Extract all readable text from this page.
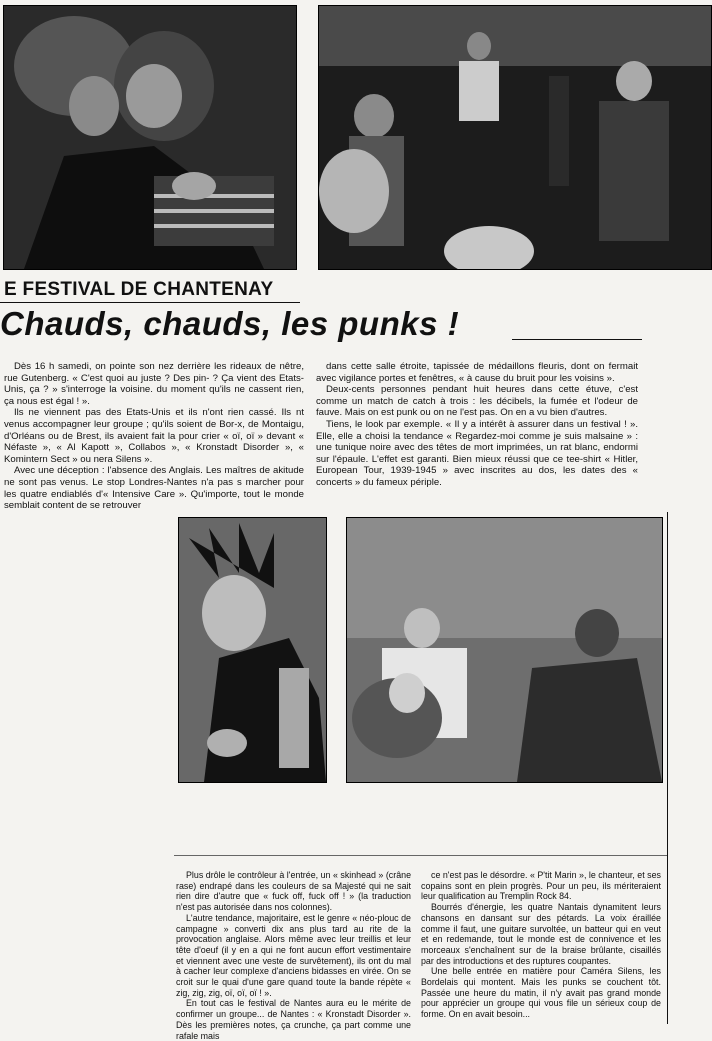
E FESTIVAL DE CHANTENAY
Chauds, chauds, les punks !

Dès 16 h samedi, on pointe son nez derrière les rideaux de nêtre, rue Gutenberg. « C'est quoi au juste ? Des pin- ? Ça vient des Etats-Unis, ça ? » s'interroge la voisine. du moment qu'ils ne cassent rien, ça nous est égal ! ».

Ils ne viennent pas des Etats-Unis et ils n'ont rien cassé. Ils nt venus accompagner leur groupe ; qu'ils soient de Bor-x, de Montaigu, d'Orléans ou de Brest, ils avaient fait la pour crier « oï, oï » devant « Néfaste », « Al Kapott », Collabos », « Kronstadt Disorder », « Komintern Sect » ou nera Silens ».

Avec une déception : l'absence des Anglais. Les maîtres de akitude ne sont pas venus. Le stop Londres-Nantes n'a pas s marcher pour les quatre endiablés d'« Intensive Care ». Qu'importe, tout le monde semblait content de se retrouver

dans cette salle étroite, tapissée de médaillons fleuris, dont on fermait avec vigilance portes et fenêtres, « à cause du bruit pour les voisins ».

Deux-cents personnes pendant huit heures dans cette étuve, c'est comme un match de catch à trois : les décibels, la fumée et l'odeur de fauve. Mais on est punk ou on ne l'est pas. On en a vu bien d'autres.

Tiens, le look par exemple. « Il y a intérêt à assurer dans un festival ! ». Elle, elle a choisi la tendance « Regardez-moi comme je suis malsaine » : une tunique noire avec des têtes de mort imprimées, un rat blanc, endormi sur l'épaule. L'effet est garanti. Bien mieux réussi que ce tee-shirt « Hitler, European Tour, 1939-1945 » avec inscrites au dos, les dates des « concerts » du fameux périple.

Plus drôle le contrôleur à l'entrée, un « skinhead » (crâne rase) endrapé dans les couleurs de sa Majesté qui ne sait rien dire d'autre que « fuck off, fuck off ! » (la traduction n'est pas autorisée dans nos colonnes).

L'autre tendance, majoritaire, est le genre « néo-plouc de campagne » converti dix ans plus tard au rite de la provocation anglaise. Alors même avec leur treillis et leur tête d'oeuf (il y en a qui ne font aucun effort vestimentaire et viennent avec une veste de survêtement), ils ont du mal à cacher leur complexe d'anciens bidasses en virée. On se croit sur le quai d'une gare quand toute la bande répète « zig, zig, zig, oï, oï, oï ! ».

En tout cas le festival de Nantes aura eu le mérite de confirmer un groupe... de Nantes : « Kronstadt Disorder ». Dès les premières notes, ça crunche, ça part comme une rafale mais

ce n'est pas le désordre. « P'tit Marin », le chanteur, et ses copains sont en plein progrès. Pour un peu, ils mériteraient leur qualification au Tremplin Rock 84.

Bourrés d'énergie, les quatre Nantais dynamitent leurs chansons en dansant sur des pétards. La voix éraillée comme il faut, une guitare survoltée, un batteur qui en veut et en redemande, tout le monde est de connivence et les morceaux s'enchaînent sur de la braise brûlante, cisaillés par des introductions et des ruptures coupantes.

Une belle entrée en matière pour Caméra Silens, les Bordelais qui montent. Mais les punks se couchent tôt. Passée une heure du matin, il n'y avait pas grand monde pour apprécier un groupe qui vous file un sérieux coup de forme. On en avait besoin...
